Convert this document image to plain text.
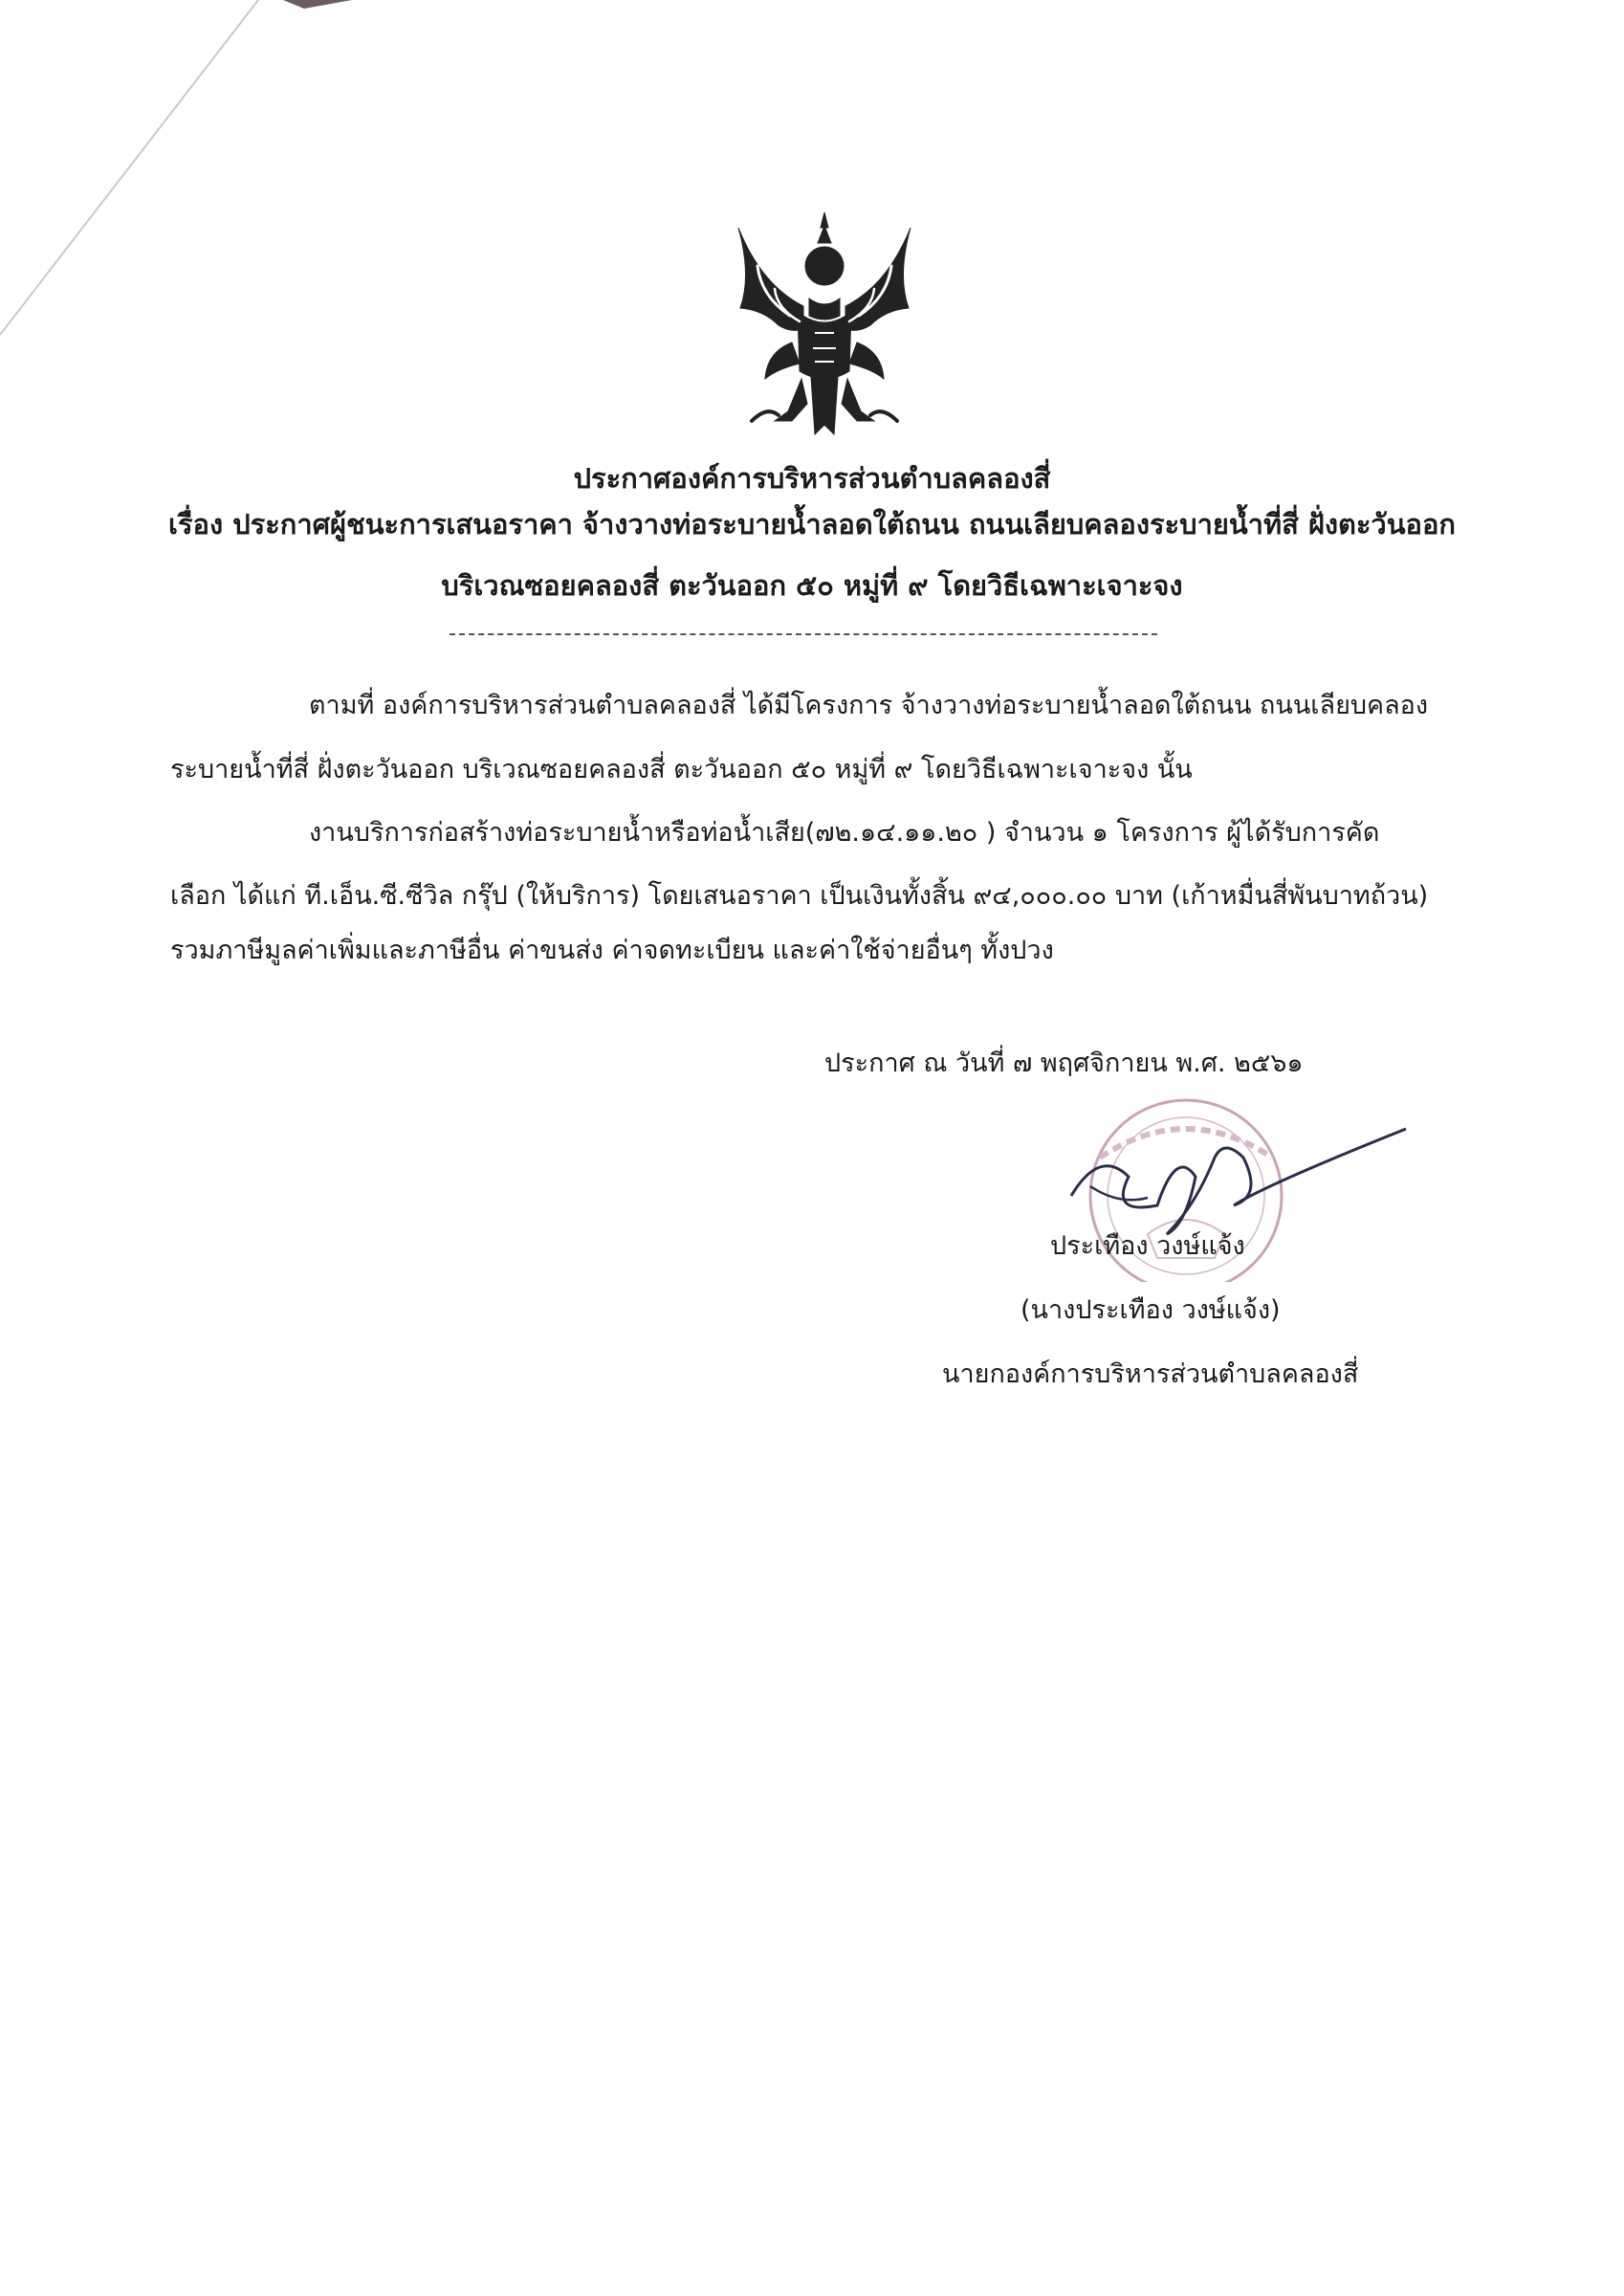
ประกาศองค์การบริหารส่วนตำบลคลองสี่
เรื่อง ประกาศผู้ชนะการเสนอราคา จ้างวางท่อระบายน้ำลอดใต้ถนน ถนนเลียบคลองระบายน้ำที่สี่ ฝั่งตะวันออก
บริเวณซอยคลองสี่ ตะวันออก ๕๐ หมู่ที่ ๙ โดยวิธีเฉพาะเจาะจง
ตามที่ องค์การบริหารส่วนตำบลคลองสี่ ได้มีโครงการ จ้างวางท่อระบายน้ำลอดใต้ถนน ถนนเลียบคลอง
ระบายน้ำที่สี่ ฝั่งตะวันออก บริเวณซอยคลองสี่ ตะวันออก ๕๐ หมู่ที่ ๙ โดยวิธีเฉพาะเจาะจง นั้น
งานบริการก่อสร้างท่อระบายน้ำหรือท่อน้ำเสีย(๗๒.๑๔.๑๑.๒๐ ) จำนวน ๑ โครงการ ผู้ได้รับการคัด
เลือก ได้แก่ ที.เอ็น.ซี.ซีวิล กรุ๊ป (ให้บริการ) โดยเสนอราคา เป็นเงินทั้งสิ้น ๙๔,๐๐๐.๐๐ บาท (เก้าหมื่นสี่พันบาทถ้วน)
รวมภาษีมูลค่าเพิ่มและภาษีอื่น ค่าขนส่ง ค่าจดทะเบียน และค่าใช้จ่ายอื่นๆ ทั้งปวง
ประกาศ ณ วันที่ ๗ พฤศจิกายน พ.ศ. ๒๕๖๑
ประเทือง วงษ์แจ้ง
(นางประเทือง วงษ์แจ้ง)
นายกองค์การบริหารส่วนตำบลคลองสี่
